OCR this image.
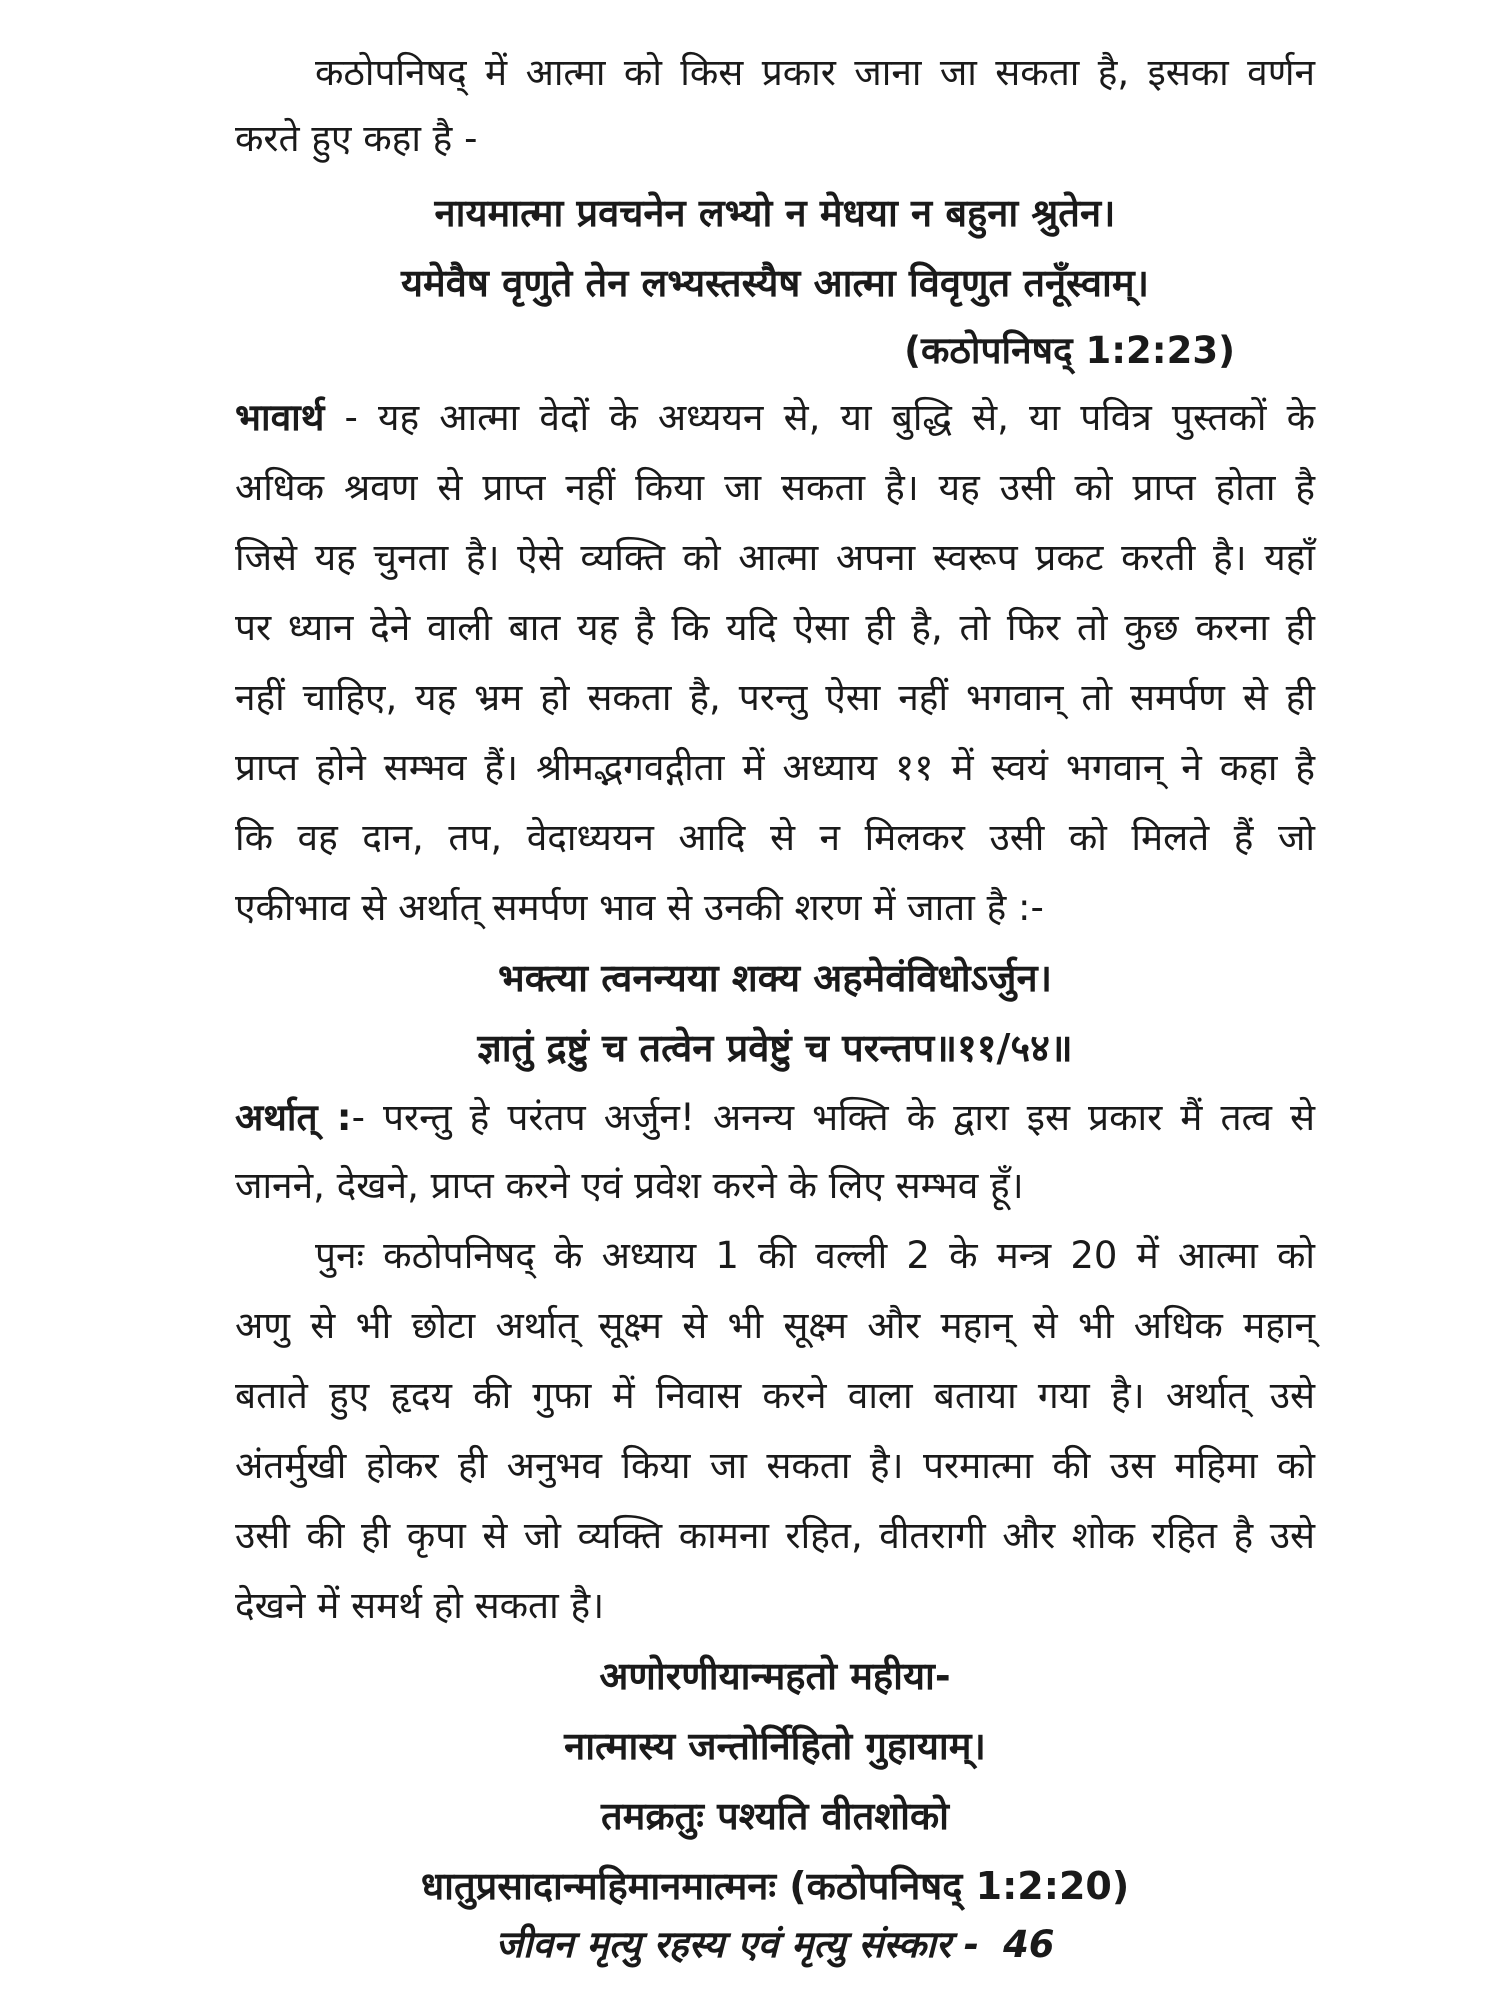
कठोपनिषद् में आत्मा को किस प्रकार जाना जा सकता है, इसका वर्णन
करते हुए कहा है -
नायमात्मा प्रवचनेन लभ्यो न मेधया न बहुना श्रुतेन।
यमेवैष वृणुते तेन लभ्यस्तस्यैष आत्मा विवृणुत तनूँस्वाम्।
(कठोपनिषद् 1:2:23)
भावार्थ - यह आत्मा वेदों के अध्ययन से, या बुद्धि से, या पवित्र पुस्तकों के
अधिक श्रवण से प्राप्त नहीं किया जा सकता है। यह उसी को प्राप्त होता है
जिसे यह चुनता है। ऐसे व्यक्ति को आत्मा अपना स्वरूप प्रकट करती है। यहाँ
पर ध्यान देने वाली बात यह है कि यदि ऐसा ही है, तो फिर तो कुछ करना ही
नहीं चाहिए, यह भ्रम हो सकता है, परन्तु ऐसा नहीं भगवान् तो समर्पण से ही
प्राप्त होने सम्भव हैं। श्रीमद्भगवद्गीता में अध्याय ११ में स्वयं भगवान् ने कहा है
कि वह दान, तप, वेदाध्ययन आदि से न मिलकर उसी को मिलते हैं जो
एकीभाव से अर्थात् समर्पण भाव से उनकी शरण में जाता है :-
भक्त्या त्वनन्यया शक्य अहमेवंविधोऽर्जुन।
ज्ञातुं द्रष्टुं च तत्वेन प्रवेष्टुं च परन्तप॥११/५४॥
अर्थात् :- परन्तु हे परंतप अर्जुन! अनन्य भक्ति के द्वारा इस प्रकार मैं तत्व से
जानने, देखने, प्राप्त करने एवं प्रवेश करने के लिए सम्भव हूँ।
पुनः कठोपनिषद् के अध्याय 1 की वल्ली 2 के मन्त्र 20 में आत्मा को
अणु से भी छोटा अर्थात् सूक्ष्म से भी सूक्ष्म और महान् से भी अधिक महान्
बताते हुए हृदय की गुफा में निवास करने वाला बताया गया है। अर्थात् उसे
अंतर्मुखी होकर ही अनुभव किया जा सकता है। परमात्मा की उस महिमा को
उसी की ही कृपा से जो व्यक्ति कामना रहित, वीतरागी और शोक रहित है उसे
देखने में समर्थ हो सकता है।
अणोरणीयान्महतो महीया-
नात्मास्य जन्तोर्निहितो गुहायाम्।
तमक्रतुः पश्यति वीतशोको
धातुप्रसादान्महिमानमात्मनः (कठोपनिषद् 1:2:20)
जीवन मृत्यु रहस्य एवं मृत्यु संस्कार - 46
